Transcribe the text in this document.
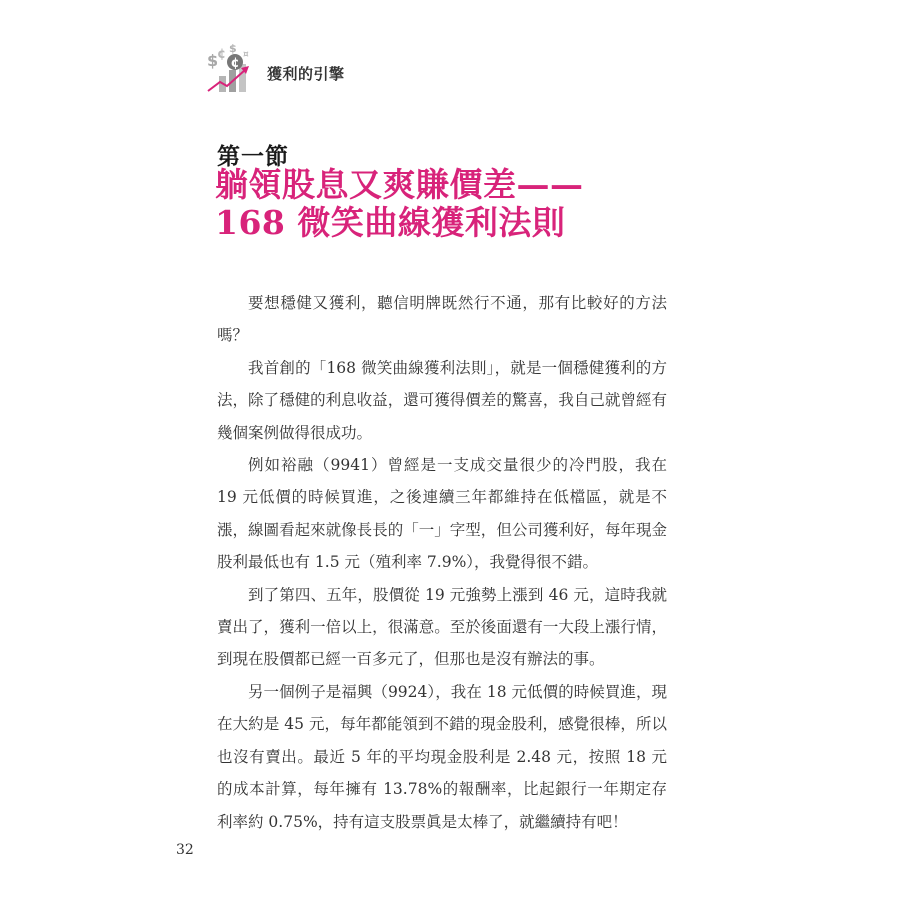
$
¢
¢
$ ¤
獲利的引擎
第一節
躺領股息又爽賺價差——
168 微笑曲線獲利法則

要想穩健又獲利，聽信明牌既然行不通，那有比較好的方法嗎？

我首創的「168 微笑曲線獲利法則」，就是一個穩健獲利的方法，除了穩健的利息收益，還可獲得價差的驚喜，我自己就曾經有幾個案例做得很成功。

例如裕融（9941）曾經是一支成交量很少的冷門股，我在 19 元低價的時候買進，之後連續三年都維持在低檔區，就是不漲，線圖看起來就像長長的「一」字型，但公司獲利好，每年現金股利最低也有 1.5 元（殖利率 7.9%），我覺得很不錯。

到了第四、五年，股價從 19 元強勢上漲到 46 元，這時我就賣出了，獲利一倍以上，很滿意。至於後面還有一大段上漲行情，到現在股價都已經一百多元了，但那也是沒有辦法的事。

另一個例子是福興（9924），我在 18 元低價的時候買進，現在大約是 45 元，每年都能領到不錯的現金股利，感覺很棒，所以也沒有賣出。最近 5 年的平均現金股利是 2.48 元，按照 18 元的成本計算，每年擁有 13.78%的報酬率，比起銀行一年期定存利率約 0.75%，持有這支股票眞是太棒了，就繼續持有吧！

32
